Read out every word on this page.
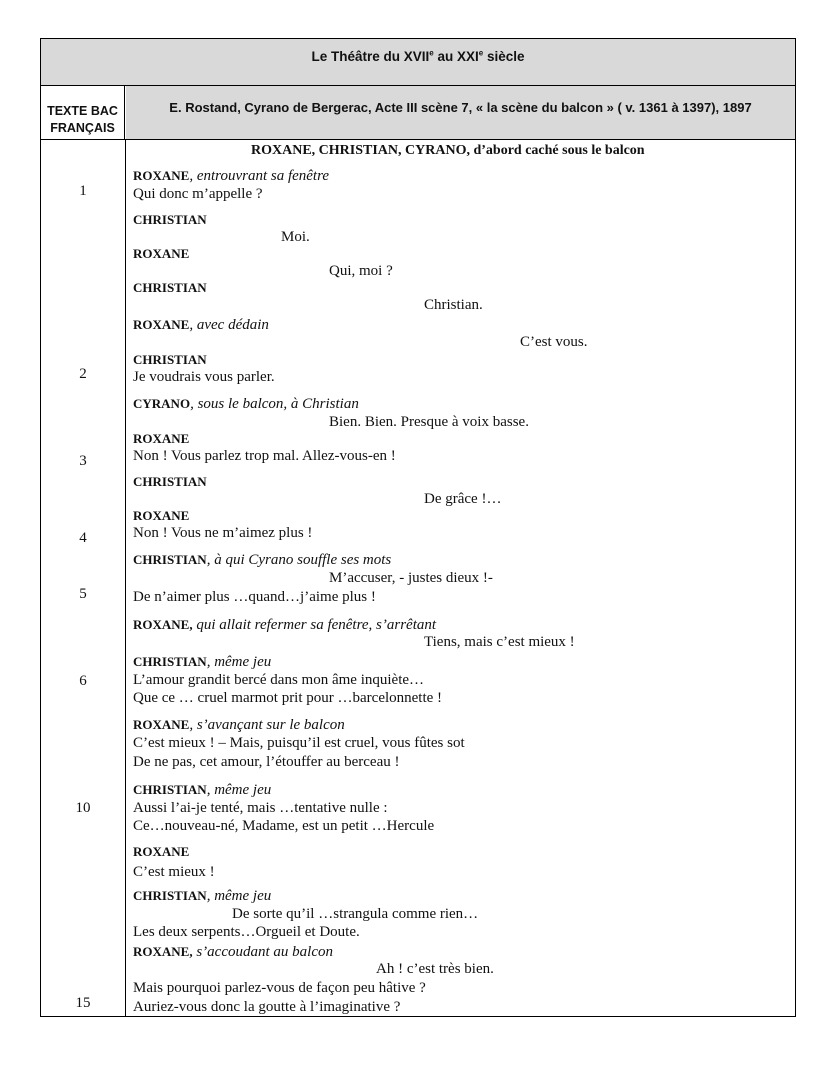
Le Théâtre du XVIIe au XXIe siècle
TEXTE BAC
FRANÇAIS
E. Rostand, Cyrano de Bergerac, Acte III scène 7, « la scène du balcon » ( v. 1361 à 1397), 1897
ROXANE, CHRISTIAN, CYRANO, d’abord caché sous le balcon
1
2
3
4
5
6
10
15
ROXANE, entrouvrant sa fenêtre
Qui donc m’appelle ?
CHRISTIAN
Moi.
ROXANE
Qui, moi ?
CHRISTIAN
Christian.
ROXANE, avec dédain
C’est vous.
CHRISTIAN
Je voudrais vous parler.
CYRANO, sous le balcon, à Christian
Bien. Bien. Presque à voix basse.
ROXANE
Non ! Vous parlez trop mal. Allez-vous-en !
CHRISTIAN
De grâce !…
ROXANE
Non ! Vous ne m’aimez plus !
CHRISTIAN, à qui Cyrano souffle ses mots
M’accuser, - justes dieux !-
De n’aimer plus …quand…j’aime plus !
ROXANE, qui allait refermer sa fenêtre, s’arrêtant
Tiens, mais c’est mieux !
CHRISTIAN, même jeu
L’amour grandit bercé dans mon âme inquiète…
Que ce … cruel marmot prit pour …barcelonnette !
ROXANE, s’avançant sur le balcon
C’est mieux ! – Mais, puisqu’il est cruel, vous fûtes sot
De ne pas, cet amour, l’étouffer au berceau !
CHRISTIAN, même jeu
Aussi l’ai-je tenté, mais …tentative nulle :
Ce…nouveau-né, Madame, est un petit …Hercule
ROXANE
C’est mieux !
CHRISTIAN, même jeu
De sorte qu’il …strangula comme rien…
Les deux serpents…Orgueil et Doute.
ROXANE, s’accoudant au balcon
Ah ! c’est très bien.
Mais pourquoi parlez-vous de façon peu hâtive ?
Auriez-vous donc la goutte à l’imaginative ?
